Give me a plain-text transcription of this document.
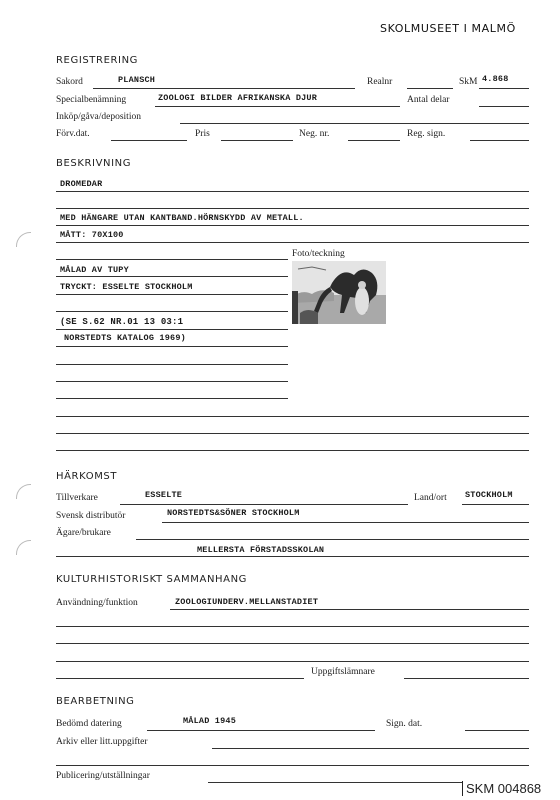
SKOLMUSEET I MALMÖ
REGISTRERING
Sakord	PLANSCH	Realnr	SkM 4.868
Specialbenämning	ZOOLOGI BILDER AFRIKANSKA DJUR	Antal delar
Inköp/gåva/deposition
Förv.dat.	Pris	Neg. nr.	Reg. sign.
BESKRIVNING
DROMEDAR
MED HÄNGARE UTAN KANTBAND.HÖRNSKYDD AV METALL.
MÅTT: 70X100
Foto/teckning
MÅLAD AV TUPY
TRYCKT: ESSELTE STOCKHOLM
(SE S.62 NR.01 13 03:1
NORSTEDTS KATALOG 1969)
HÄRKOMST
Tillverkare	ESSELTE	Land/ort STOCKHOLM
Svensk distributör	NORSTEDTS&SÖNER STOCKHOLM
Ägare/brukare
MELLERSTA FÖRSTADSSKOLAN
KULTURHISTORISKT SAMMANHANG
Användning/funktion	ZOOLOGIUNDERV.MELLANSTADIET
Uppgiftslämnare
BEARBETNING
Bedömd datering	MÅLAD 1945	Sign. dat.
Arkiv eller litt.uppgifter
Publicering/utställningar
SKM 004868
